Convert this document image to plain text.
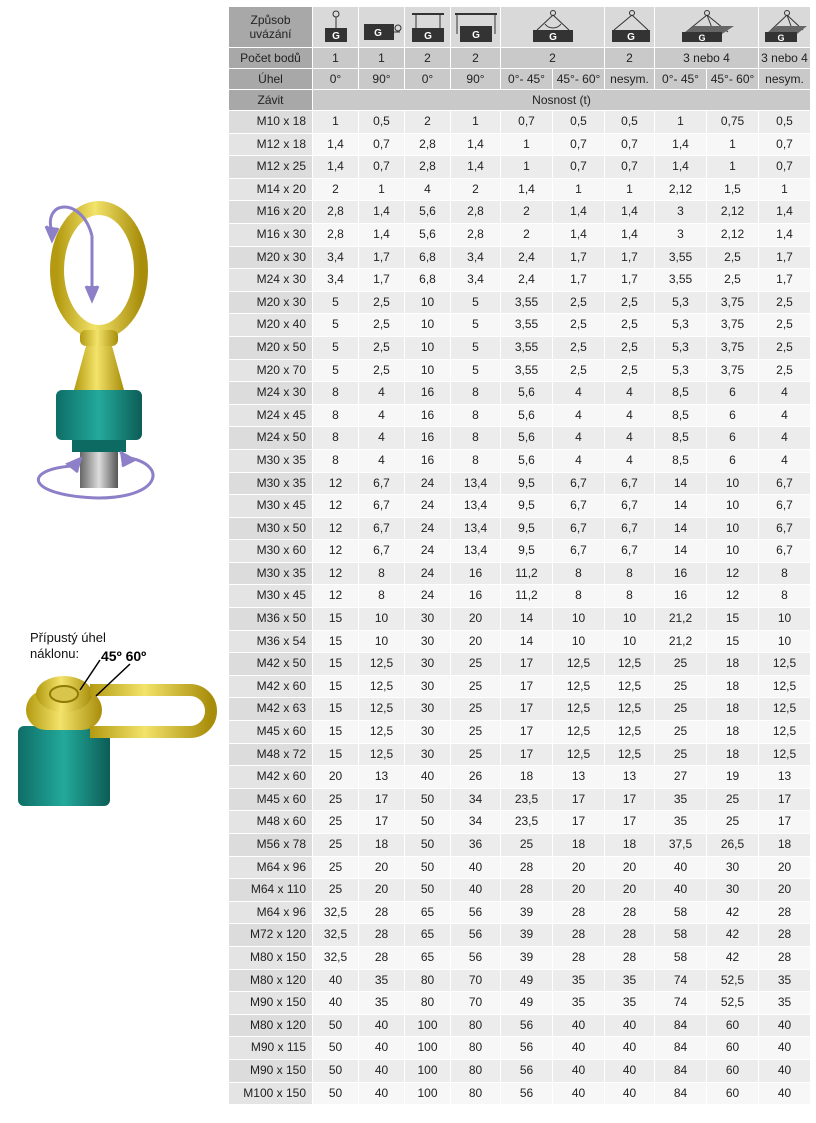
Přípustý úhel
náklonu:	45º 60º
Způsob
uvázání	G	G	G	G	G		G	G		G

Počet bodů	1	1	2	2	2		2	3 nebo 4		3 nebo 4
Úhel	0°	90°	0°	90°	0°- 45°	45°- 60°	nesym.	0°- 45°	45°- 60°	nesym.
Závit	Nosnost (t)									
M10 x 18	1	0,5	2	1	0,7	0,5	0,5	1	0,75	0,5
M12 x 18	1,4	0,7	2,8	1,4	1	0,7	0,7	1,4	1	0,7
M12 x 25	1,4	0,7	2,8	1,4	1	0,7	0,7	1,4	1	0,7
M14 x 20	2	1	4	2	1,4	1	1	2,12	1,5	1
M16 x 20	2,8	1,4	5,6	2,8	2	1,4	1,4	3	2,12	1,4
M16 x 30	2,8	1,4	5,6	2,8	2	1,4	1,4	3	2,12	1,4
M20 x 30	3,4	1,7	6,8	3,4	2,4	1,7	1,7	3,55	2,5	1,7
M24 x 30	3,4	1,7	6,8	3,4	2,4	1,7	1,7	3,55	2,5	1,7
M20 x 30	5	2,5	10	5	3,55	2,5	2,5	5,3	3,75	2,5
M20 x 40	5	2,5	10	5	3,55	2,5	2,5	5,3	3,75	2,5
M20 x 50	5	2,5	10	5	3,55	2,5	2,5	5,3	3,75	2,5
M20 x 70	5	2,5	10	5	3,55	2,5	2,5	5,3	3,75	2,5
M24 x 30	8	4	16	8	5,6	4	4	8,5	6	4
M24 x 45	8	4	16	8	5,6	4	4	8,5	6	4
M24 x 50	8	4	16	8	5,6	4	4	8,5	6	4
M30 x 35	8	4	16	8	5,6	4	4	8,5	6	4
M30 x 35	12	6,7	24	13,4	9,5	6,7	6,7	14	10	6,7
M30 x 45	12	6,7	24	13,4	9,5	6,7	6,7	14	10	6,7
M30 x 50	12	6,7	24	13,4	9,5	6,7	6,7	14	10	6,7
M30 x 60	12	6,7	24	13,4	9,5	6,7	6,7	14	10	6,7
M30 x 35	12	8	24	16	11,2	8	8	16	12	8
M30 x 45	12	8	24	16	11,2	8	8	16	12	8
M36 x 50	15	10	30	20	14	10	10	21,2	15	10
M36 x 54	15	10	30	20	14	10	10	21,2	15	10
M42 x 50	15	12,5	30	25	17	12,5	12,5	25	18	12,5
M42 x 60	15	12,5	30	25	17	12,5	12,5	25	18	12,5
M42 x 63	15	12,5	30	25	17	12,5	12,5	25	18	12,5
M45 x 60	15	12,5	30	25	17	12,5	12,5	25	18	12,5
M48 x 72	15	12,5	30	25	17	12,5	12,5	25	18	12,5
M42 x 60	20	13	40	26	18	13	13	27	19	13
M45 x 60	25	17	50	34	23,5	17	17	35	25	17
M48 x 60	25	17	50	34	23,5	17	17	35	25	17
M56 x 78	25	18	50	36	25	18	18	37,5	26,5	18
M64 x 96	25	20	50	40	28	20	20	40	30	20
M64 x 110	25	20	50	40	28	20	20	40	30	20
M64 x 96	32,5	28	65	56	39	28	28	58	42	28
M72 x 120	32,5	28	65	56	39	28	28	58	42	28
M80 x 150	32,5	28	65	56	39	28	28	58	42	28
M80 x 120	40	35	80	70	49	35	35	74	52,5	35
M90 x 150	40	35	80	70	49	35	35	74	52,5	35
M80 x 120	50	40	100	80	56	40	40	84	60	40
M90 x 115	50	40	100	80	56	40	40	84	60	40
M90 x 150	50	40	100	80	56	40	40	84	60	40
M100 x 150	50	40	100	80	56	40	40	84	60	40
